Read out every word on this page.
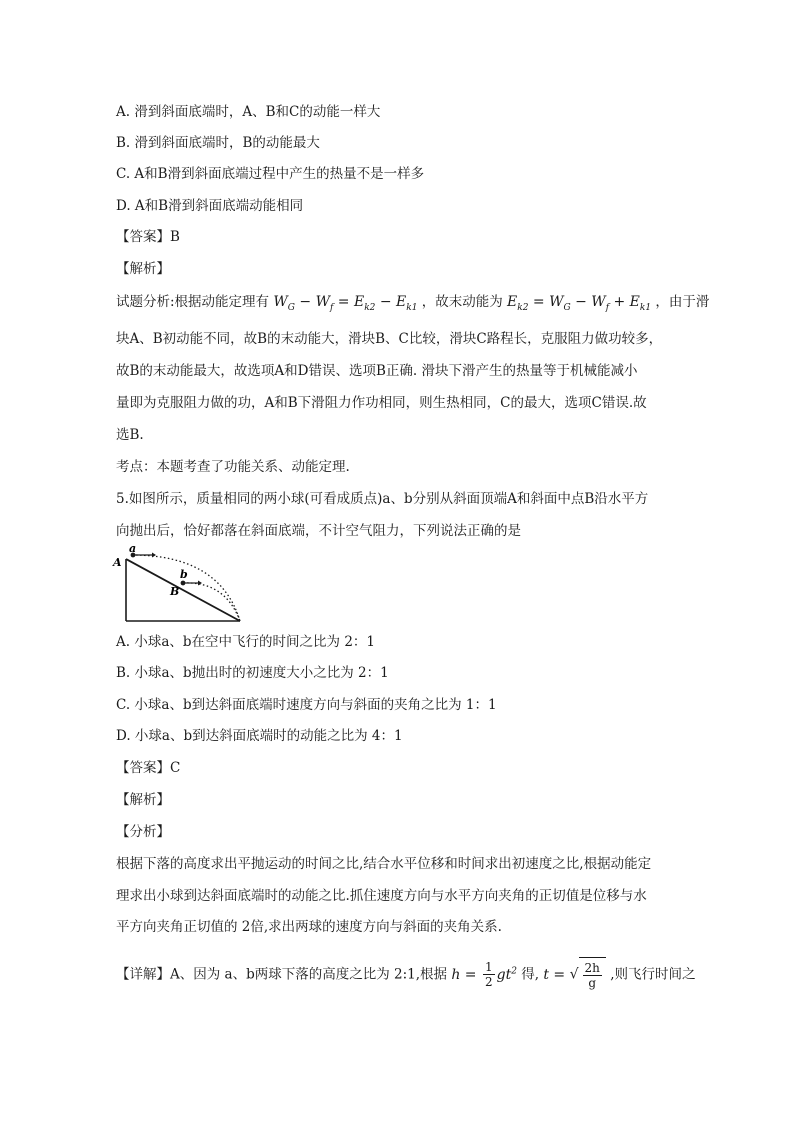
A. 滑到斜面底端时，A、B和C的动能一样大
B. 滑到斜面底端时，B的动能最大
C. A和B滑到斜面底端过程中产生的热量不是一样多
D. A和B滑到斜面底端动能相同
【答案】B
【解析】
试题分析:根据动能定理有 $W_G - W_f = E_{k2} - E_{k1}$ ，故末动能为 $E_{k2} = W_G - W_f + E_{k1}$ ，由于滑
块A、B初动能不同，故B的末动能大，滑块B、C比较，滑块C路程长，克服阻力做功较多，
故B的末动能最大，故选项A和D错误、选项B正确. 滑块下滑产生的热量等于机械能减小
量即为克服阻力做的功，A和B下滑阻力作功相同，则生热相同，C的最大，选项C错误.故
选B.
考点：本题考查了功能关系、动能定理.
5.如图所示，质量相同的两小球(可看成质点)a、b分别从斜面顶端A和斜面中点B沿水平方
向抛出后，恰好都落在斜面底端，不计空气阻力，下列说法正确的是
a
A
b
B
A. 小球a、b在空中飞行的时间之比为 2：1
B. 小球a、b抛出时的初速度大小之比为 2：1
C. 小球a、b到达斜面底端时速度方向与斜面的夹角之比为 1：1
D. 小球a、b到达斜面底端时的动能之比为 4：1
【答案】C
【解析】
【分析】
根据下落的高度求出平抛运动的时间之比,结合水平位移和时间求出初速度之比,根据动能定
理求出小球到达斜面底端时的动能之比.抓住速度方向与水平方向夹角的正切值是位移与水
平方向夹角正切值的 2倍,求出两球的速度方向与斜面的夹角关系.
【详解】A、因为 a、b两球下落的高度之比为 2:1,根据 $h = \frac{1}{2} gt^2$ 得, t = √ $\frac{2h}{g}$ ,则飞行时间之
